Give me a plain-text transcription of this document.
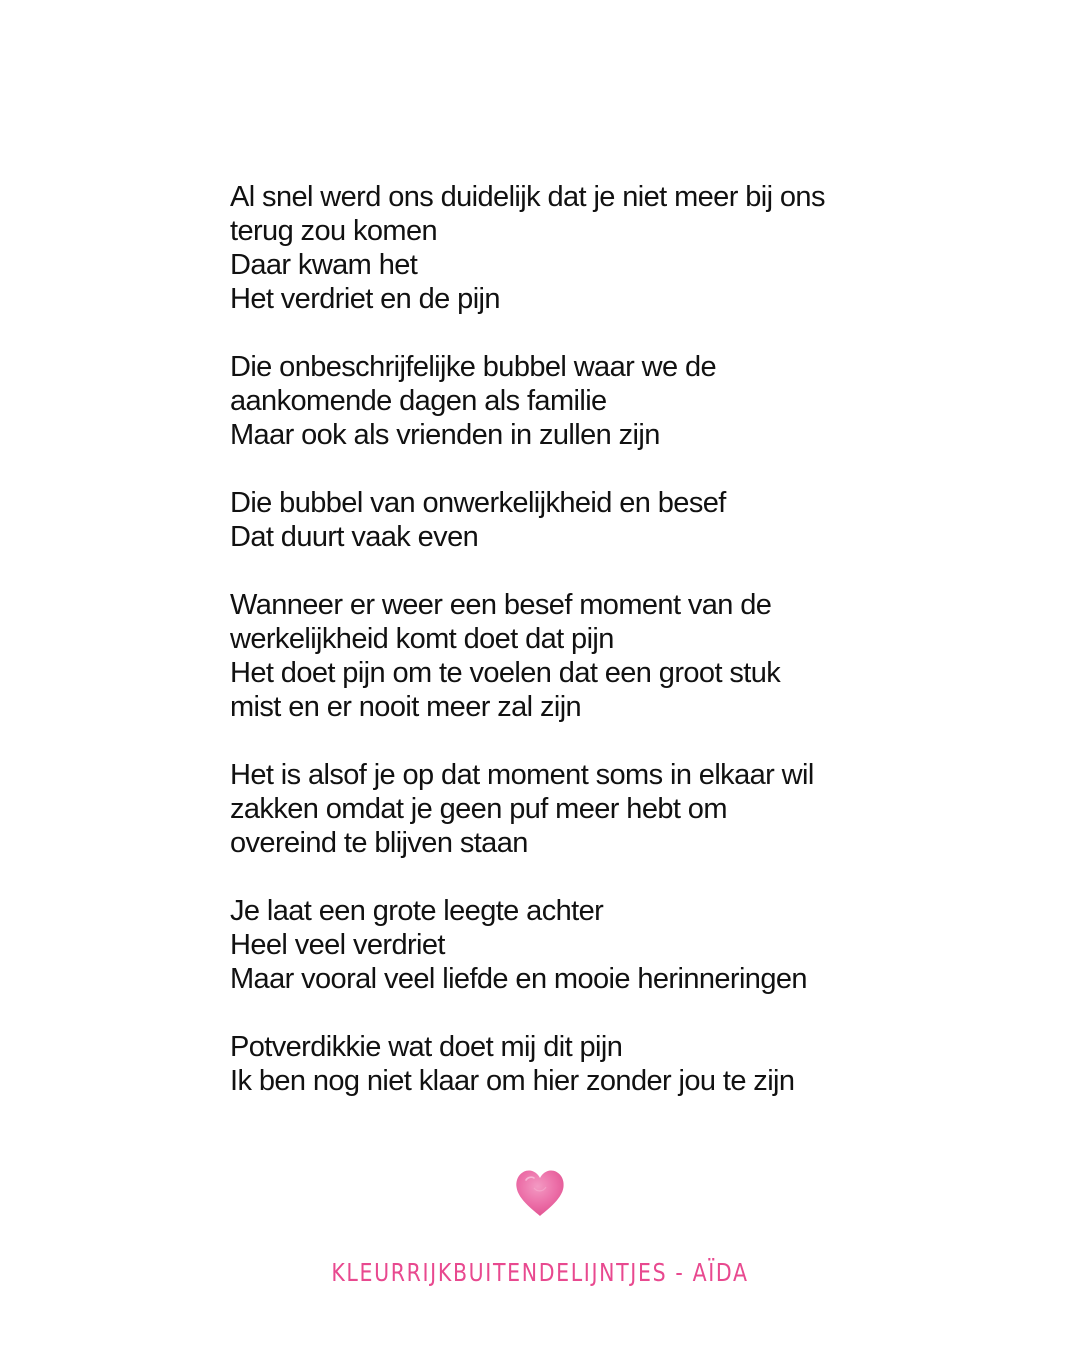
Al snel werd ons duidelijk dat je niet meer bij ons
terug zou komen
Daar kwam het
Het verdriet en de pijn
Die onbeschrijfelijke bubbel waar we de
aankomende dagen als familie
Maar ook als vrienden in zullen zijn
Die bubbel van onwerkelijkheid en besef
Dat duurt vaak even
Wanneer er weer een besef moment van de
werkelijkheid komt doet dat pijn
Het doet pijn om te voelen dat een groot stuk
mist en er nooit meer zal zijn
Het is alsof je op dat moment soms in elkaar wil
zakken omdat je geen puf meer hebt om
overeind te blijven staan
Je laat een grote leegte achter
Heel veel verdriet
Maar vooral veel liefde en mooie herinneringen
Potverdikkie wat doet mij dit pijn
Ik ben nog niet klaar om hier zonder jou te zijn
KLEURRIJKBUITENDELIJNTJES - AÏDA
